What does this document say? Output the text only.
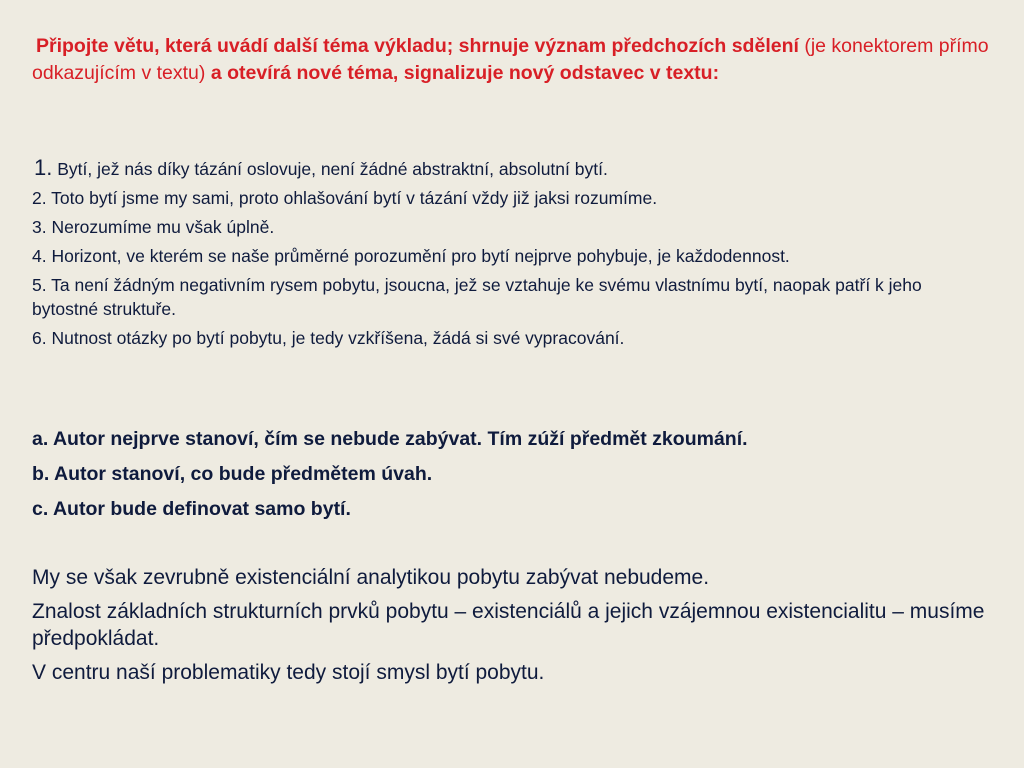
Připojte větu, která uvádí další téma výkladu; shrnuje význam předchozích sdělení (je konektorem přímo odkazujícím v textu) a otevírá nové téma, signalizuje nový odstavec v textu:

1. Bytí, jež nás díky tázání oslovuje, není žádné abstraktní, absolutní bytí.

2. Toto bytí jsme my sami, proto ohlašování bytí v tázání vždy již jaksi rozumíme.

3. Nerozumíme mu však úplně.

4. Horizont, ve kterém se naše průměrné porozumění pro bytí nejprve pohybuje, je každodennost.

5. Ta není žádným negativním rysem pobytu, jsoucna, jež se vztahuje ke svému vlastnímu bytí, naopak patří k jeho bytostné struktuře.

6. Nutnost otázky po bytí pobytu, je tedy vzkříšena, žádá si své vypracování.

a. Autor nejprve stanoví, čím se nebude zabývat. Tím zúží předmět zkoumání.

b. Autor stanoví, co bude předmětem úvah.

c. Autor bude definovat samo bytí.

My se však zevrubně existenciální analytikou pobytu zabývat nebudeme.

Znalost základních strukturních prvků pobytu – existenciálů a jejich vzájemnou existencialitu – musíme předpokládat.

V centru naší problematiky tedy stojí smysl bytí pobytu.
